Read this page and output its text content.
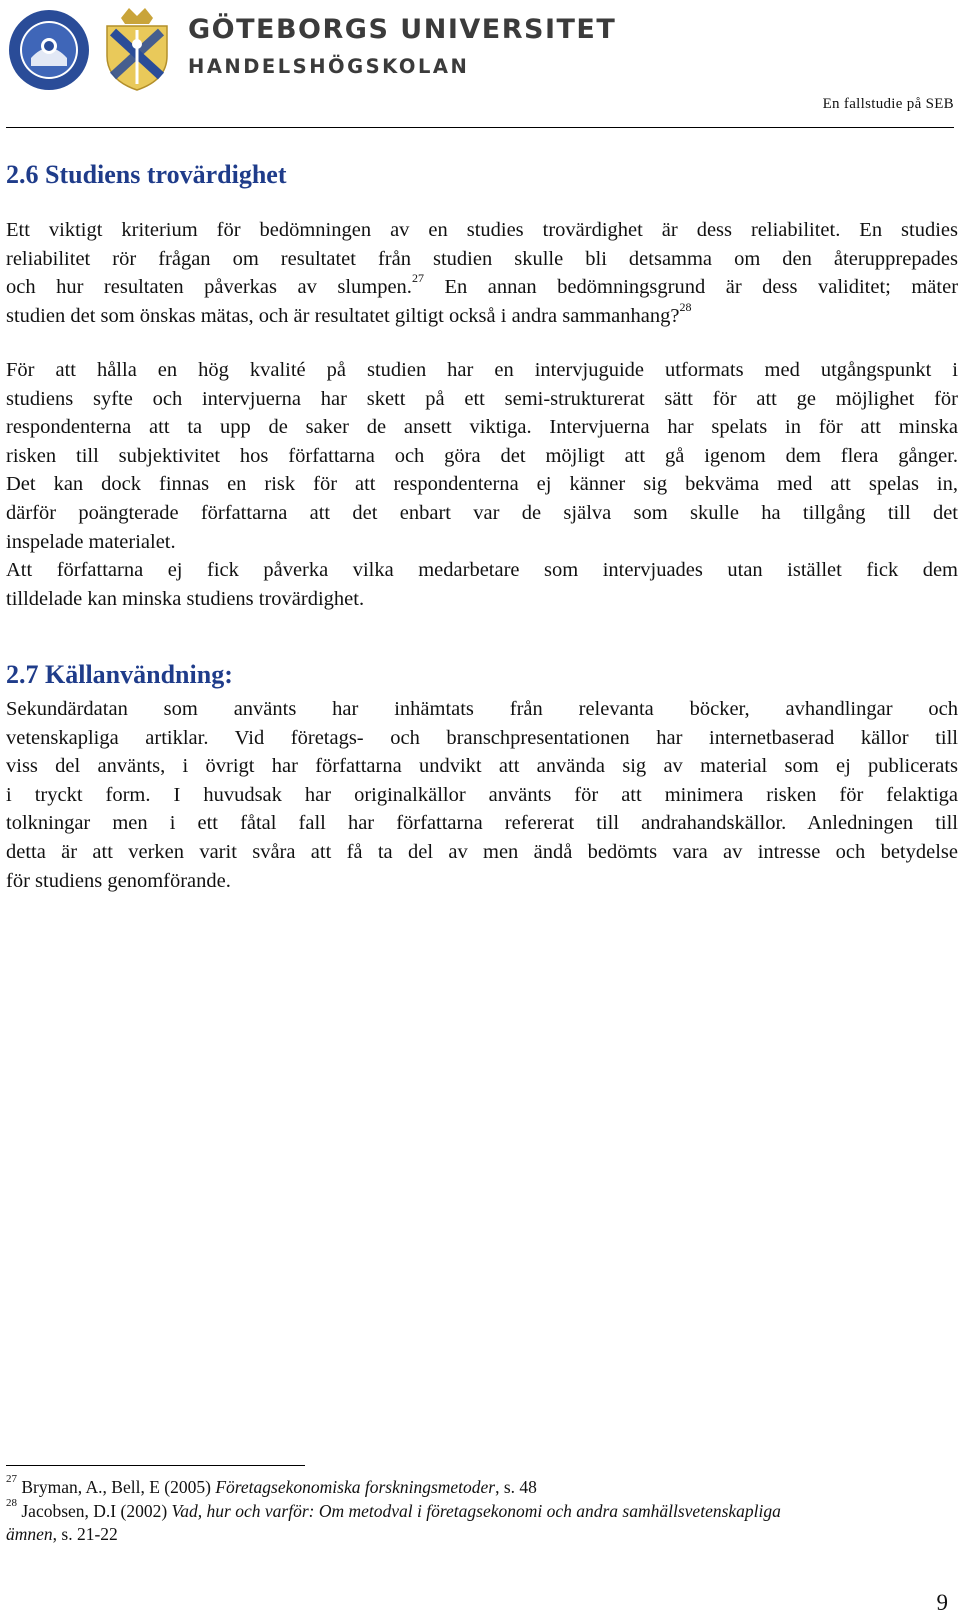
GÖTEBORGS UNIVERSITET
HANDELSHÖGSKOLAN
En fallstudie på SEB
2.6 Studiens trovärdighet

Ett viktigt kriterium för bedömningen av en studies trovärdighet är dess reliabilitet. En studies
reliabilitet rör frågan om resultatet från studien skulle bli detsamma om den återupprepades
och hur resultaten påverkas av slumpen.$^{27}$ En annan bedömningsgrund är dess validitet; mäter
studien det som önskas mätas, och är resultatet giltigt också i andra sammanhang?$^{28}$

För att hålla en hög kvalité på studien har en intervjuguide utformats med utgångspunkt i
studiens syfte och intervjuerna har skett på ett semi-strukturerat sätt för att ge möjlighet för
respondenterna att ta upp de saker de ansett viktiga. Intervjuerna har spelats in för att minska
risken till subjektivitet hos författarna och göra det möjligt att gå igenom dem flera gånger.
Det kan dock finnas en risk för att respondenterna ej känner sig bekväma med att spelas in,
därför poängterade författarna att det enbart var de själva som skulle ha tillgång till det
inspelade materialet.
Att författarna ej fick påverka vilka medarbetare som intervjuades utan istället fick dem
tilldelade kan minska studiens trovärdighet.

2.7 Källanvändning:

Sekundärdatan som använts har inhämtats från relevanta böcker, avhandlingar och
vetenskapliga artiklar. Vid företags- och branschpresentationen har internetbaserad källor till
viss del använts, i övrigt har författarna undvikt att använda sig av material som ej publicerats
i tryckt form. I huvudsak har originalkällor använts för att minimera risken för felaktiga
tolkningar men i ett fåtal fall har författarna refererat till andrahandskällor. Anledningen till
detta är att verken varit svåra att få ta del av men ändå bedömts vara av intresse och betydelse
för studiens genomförande.

$^{27}$ Bryman, A., Bell, E (2005) Företagsekonomiska forskningsmetoder, s. 48
$^{28}$ Jacobsen, D.I (2002) Vad, hur och varför: Om metodval i företagsekonomi och andra samhällsvetenskapliga
ämnen, s. 21-22
9
